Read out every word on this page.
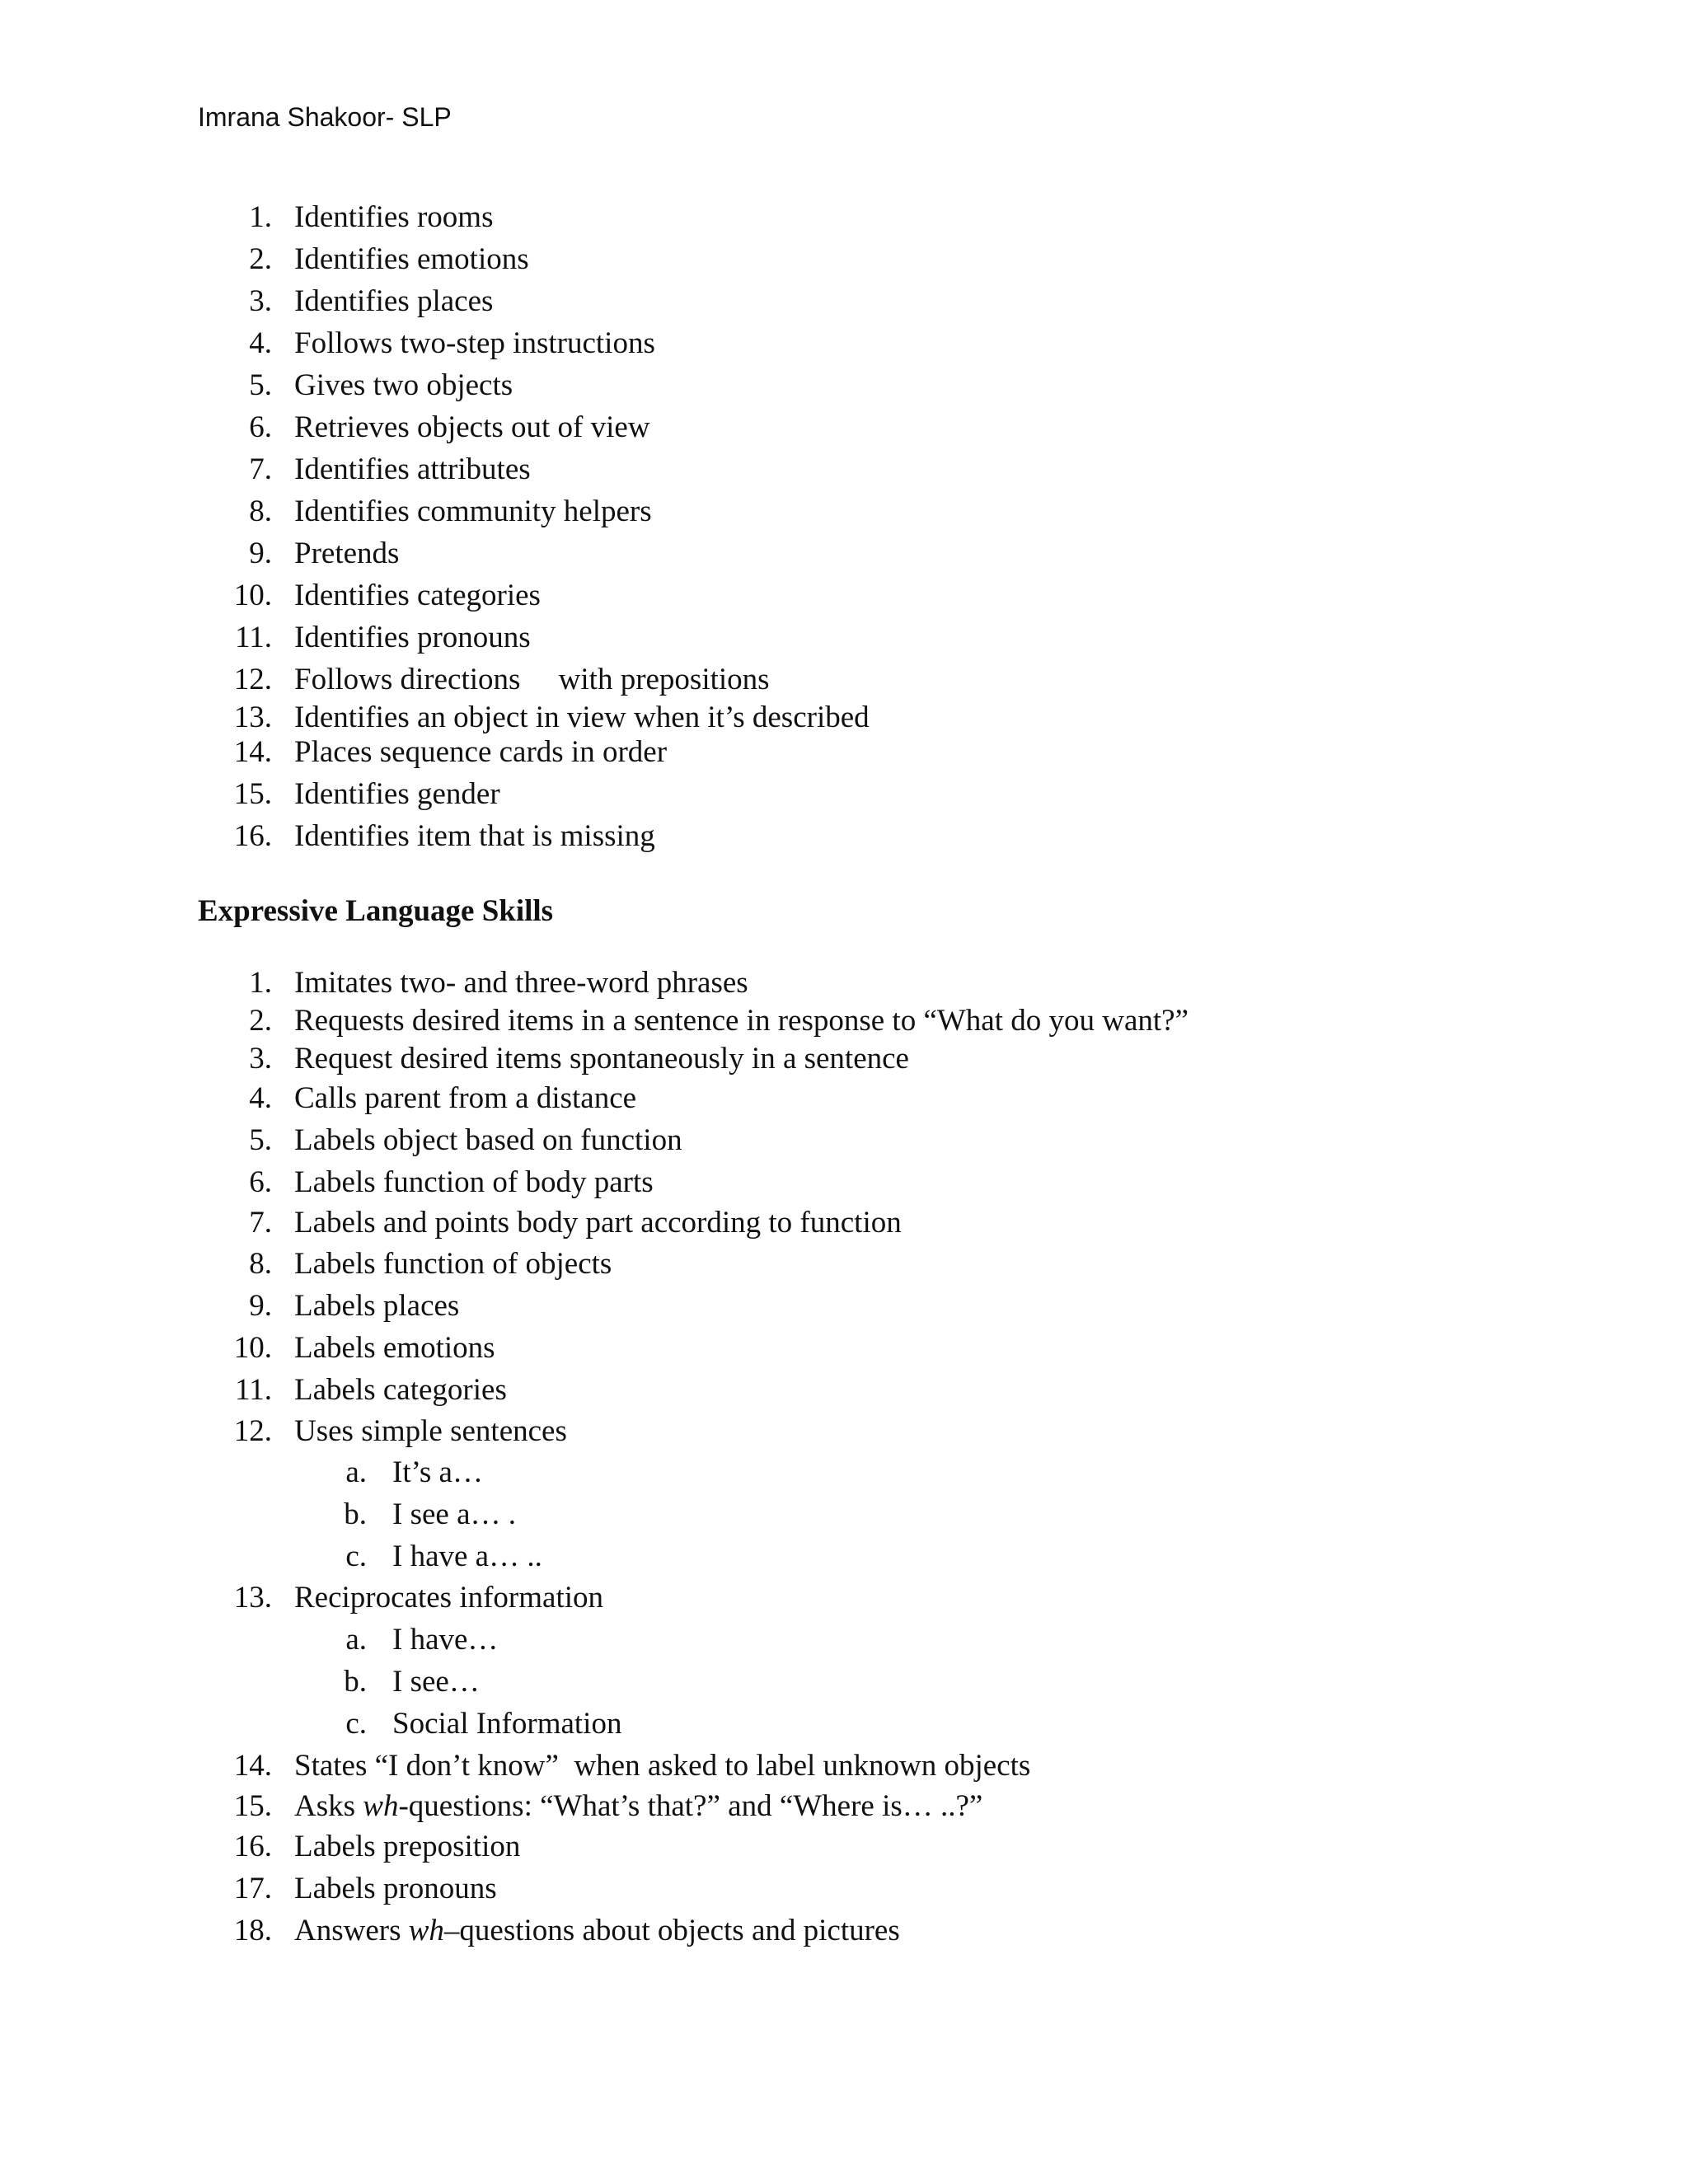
Imrana Shakoor- SLP
1. Identifies rooms
2. Identifies emotions
3. Identifies places
4. Follows two-step instructions
5. Gives two objects
6. Retrieves objects out of view
7. Identifies attributes
8. Identifies community helpers
9. Pretends
10. Identifies categories
11. Identifies pronouns
12. Follows directions     with prepositions
13. Identifies an object in view when it’s described
14. Places sequence cards in order
15. Identifies gender
16. Identifies item that is missing
Expressive Language Skills
1. Imitates two- and three-word phrases
2. Requests desired items in a sentence in response to “What do you want?”
3. Request desired items spontaneously in a sentence
4. Calls parent from a distance
5. Labels object based on function
6. Labels function of body parts
7. Labels and points body part according to function
8. Labels function of objects
9. Labels places
10. Labels emotions
11. Labels categories
12. Uses simple sentences
a. It’s a…
b. I see a… .
c. I have a… ..
13. Reciprocates information
a. I have…
b. I see…
c. Social Information
14. States “I don’t know”  when asked to label unknown objects
15. Asks wh-questions: “What’s that?” and “Where is… ..?”
16. Labels preposition
17. Labels pronouns
18. Answers wh–questions about objects and pictures
